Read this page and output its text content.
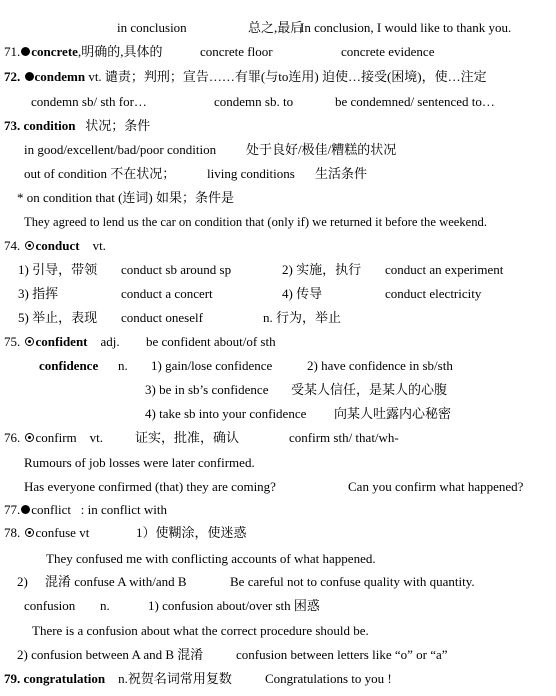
in conclusion	总之,最后
In conclusion, I would like to thank you.
71. concrete,明确的,具体的	concrete floor	concrete evidence
72. condemn vt. 谴责；判刑；宣告……有罪(与to连用) 迫使…接受(困境)，使…注定
condemn sb/ sth for…	condemn sb. to	be condemned/ sentenced to…
73. condition 状况；条件
in good/excellent/bad/poor condition 处于良好/极佳/糟糕的状况
out of condition 不在状况； living conditions 生活条件
* on condition that (连词) 如果；条件是
They agreed to lend us the car on condition that (only if) we returned it before the weekend.
74. conduct vt.
1) 引导，带领 conduct sb around sp	2) 实施，执行 conduct an experiment
3) 指挥	conduct a concert	4) 传导	conduct electricity
5) 举止，表现 conduct oneself	n. 行为，举止
75. confident adj. be confident about/of sth
confidence n. 1) gain/lose confidence	2) have confidence in sb/sth
3) be in sb’s confidence 受某人信任，是某人的心腹
4) take sb into your confidence 向某人吐露内心秘密
76. confirm vt. 证实，批准，确认	confirm sth/ that/wh-
Rumours of job losses were later confirmed.
Has everyone confirmed (that) they are coming?	Can you confirm what happened?
77. conflict : in conflict with
78. confuse vt	1）使糊涂，使迷惑
They confused me with conflicting accounts of what happened.
2) 混淆 confuse A with/and B	Be careful not to confuse quality with quantity.
confusion n.	1) confusion about/over sth 困惑
There is a confusion about what the correct procedure should be.
2) confusion between A and B 混淆	confusion between letters like “o” or “a”
79. congratulation n.祝贺名词常用复数	Congratulations to you !
